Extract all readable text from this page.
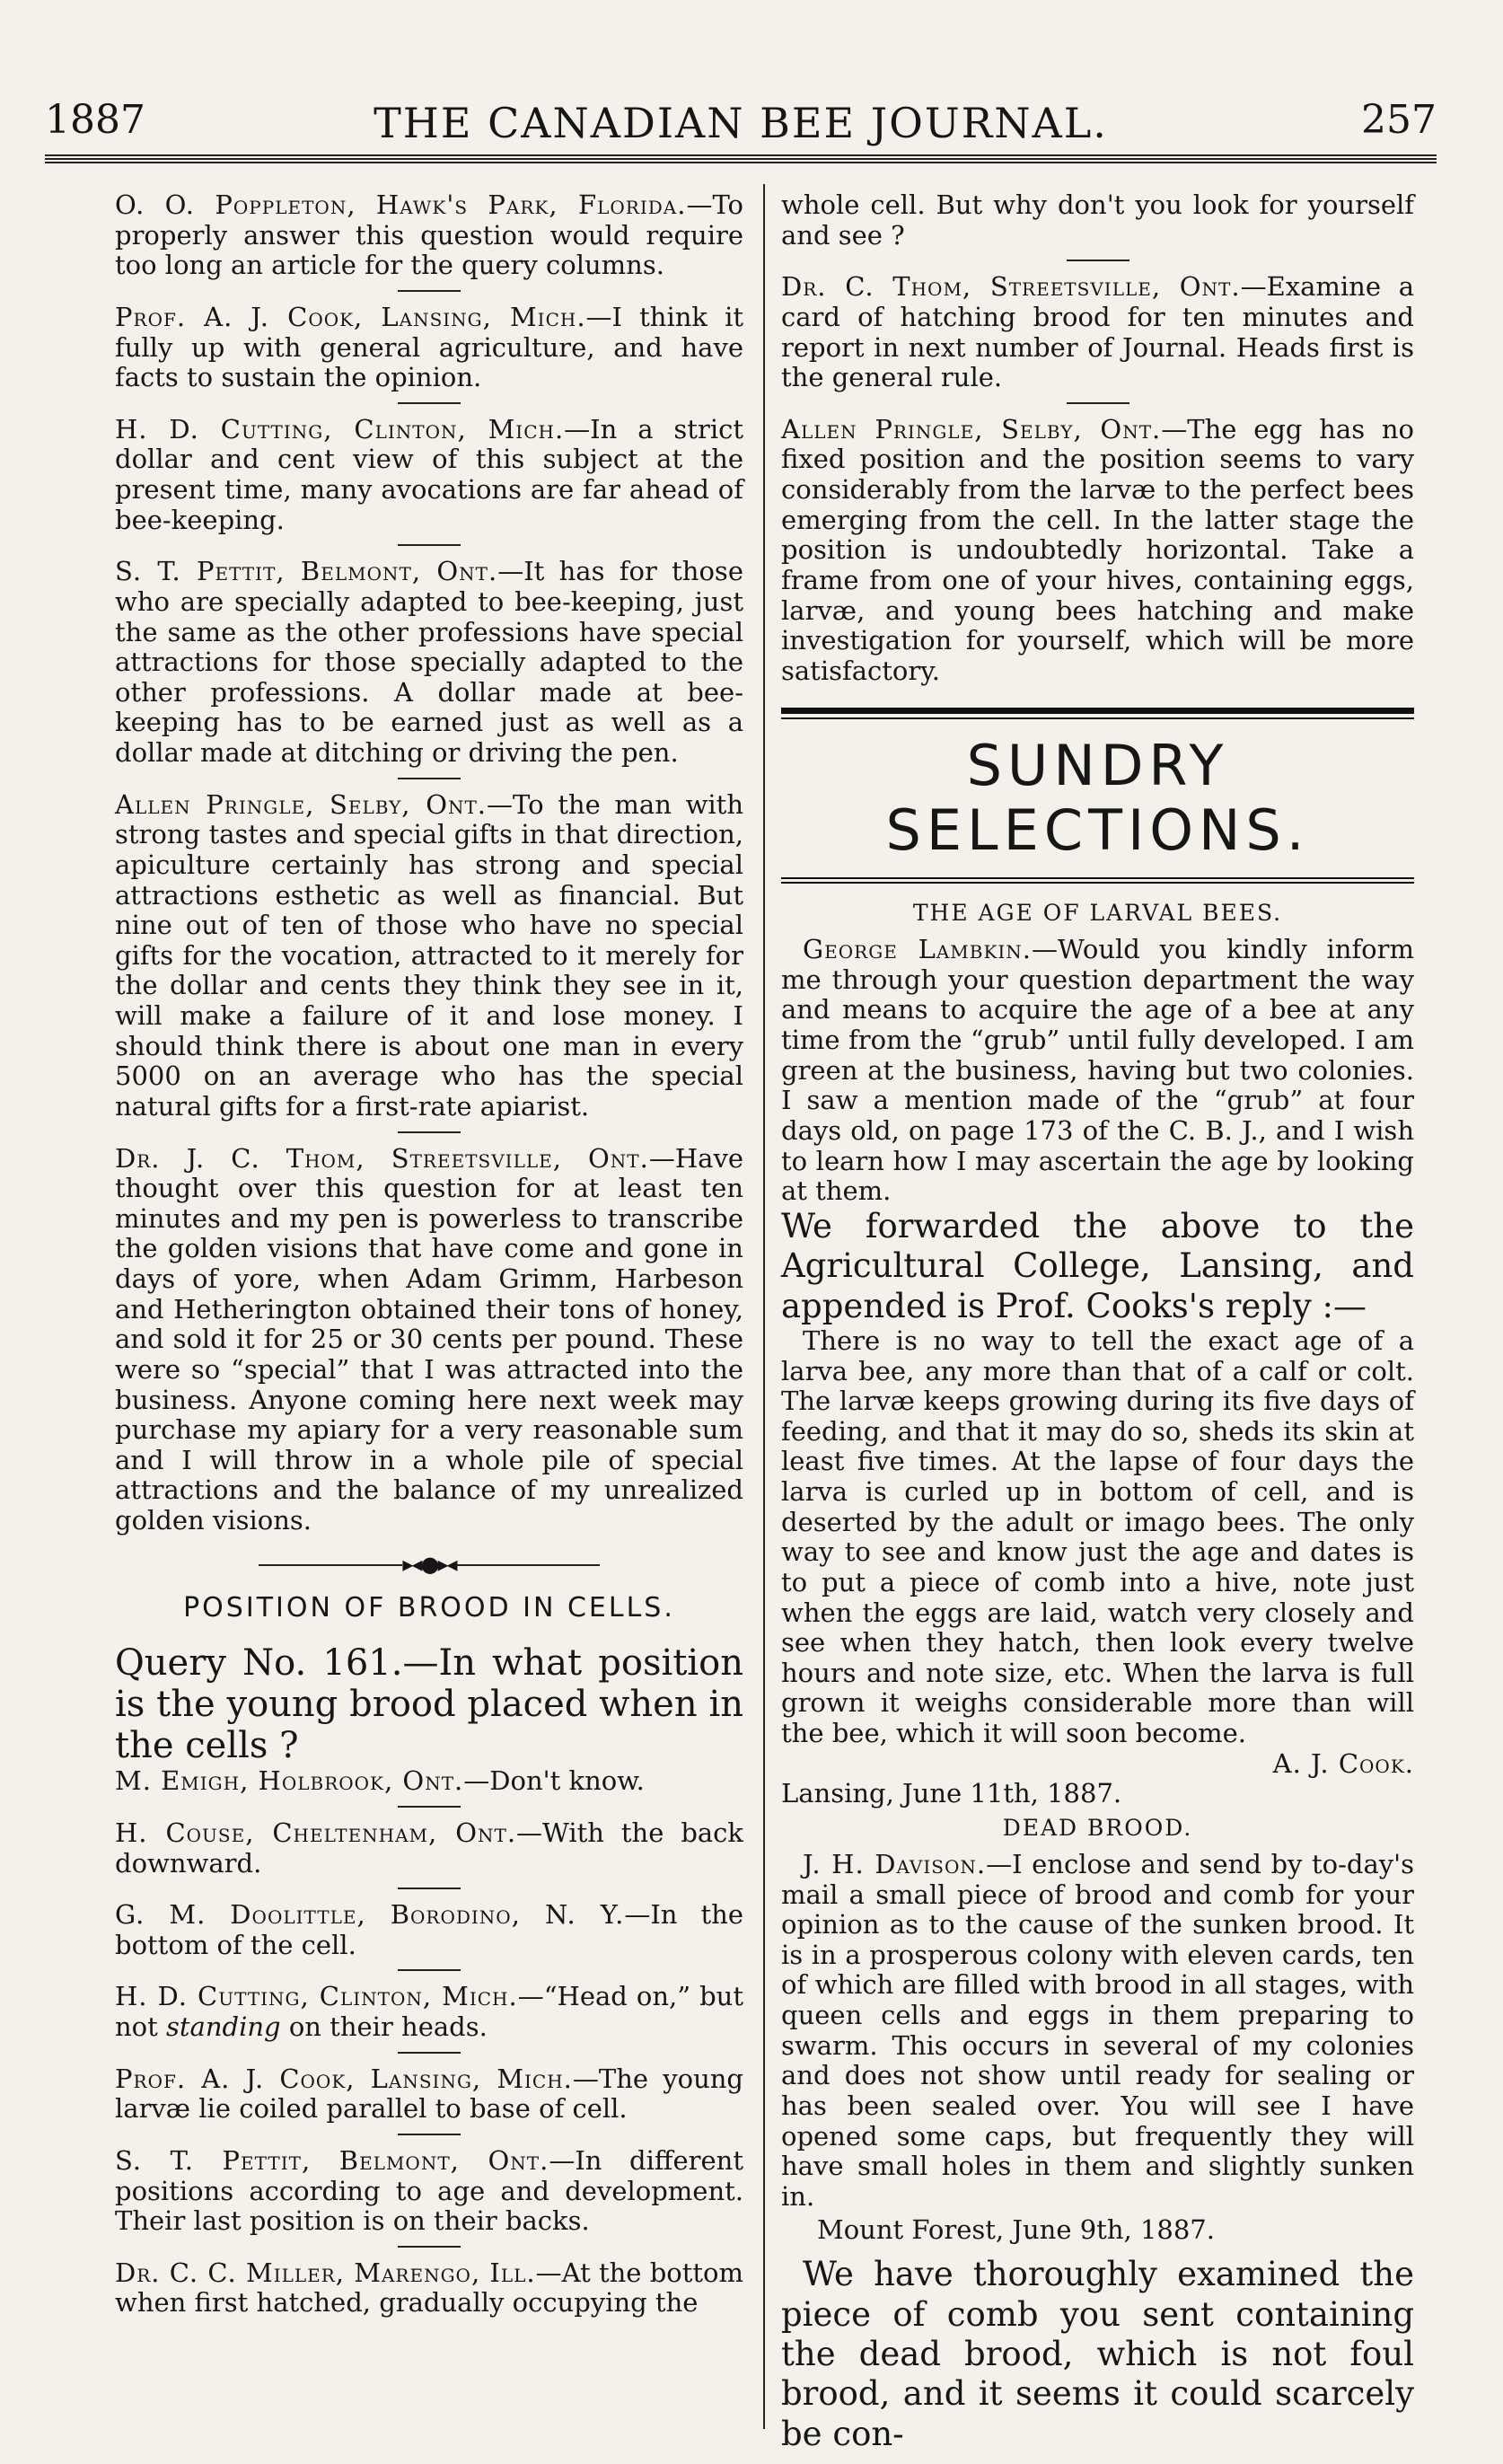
1887	THE CANADIAN BEE JOURNAL.	257

O. O. Poppleton, Hawk's Park, Florida.—To properly answer this question would require too long an article for the query columns.

Prof. A. J. Cook, Lansing, Mich.—I think it fully up with general agriculture, and have facts to sustain the opinion.

H. D. Cutting, Clinton, Mich.—In a strict dollar and cent view of this subject at the present time, many avocations are far ahead of bee-keeping.

S. T. Pettit, Belmont, Ont.—It has for those who are specially adapted to bee-keeping, just the same as the other professions have special attractions for those specially adapted to the other professions. A dollar made at bee-keeping has to be earned just as well as a dollar made at ditching or driving the pen.

Allen Pringle, Selby, Ont.—To the man with strong tastes and special gifts in that direction, apiculture certainly has strong and special attractions esthetic as well as financial. But nine out of ten of those who have no special gifts for the vocation, attracted to it merely for the dollar and cents they think they see in it, will make a failure of it and lose money. I should think there is about one man in every 5000 on an average who has the special natural gifts for a first-rate apiarist.

Dr. J. C. Thom, Streetsville, Ont.—Have thought over this question for at least ten minutes and my pen is powerless to transcribe the golden visions that have come and gone in days of yore, when Adam Grimm, Harbeson and Hetherington obtained their tons of honey, and sold it for 25 or 30 cents per pound. These were so “special” that I was attracted into the business. Anyone coming here next week may purchase my apiary for a very reasonable sum and I will throw in a whole pile of special attractions and the balance of my unrealized golden visions.

▸◂●▸◂
POSITION OF BROOD IN CELLS.

Query No. 161.—In what position is the young brood placed when in the cells ?

M. Emigh, Holbrook, Ont.—Don't know.

H. Couse, Cheltenham, Ont.—With the back downward.

G. M. Doolittle, Borodino, N. Y.—In the bottom of the cell.

H. D. Cutting, Clinton, Mich.—“Head on,” but not standing on their heads.

Prof. A. J. Cook, Lansing, Mich.—The young larvæ lie coiled parallel to base of cell.

S. T. Pettit, Belmont, Ont.—In different positions according to age and development. Their last position is on their backs.

Dr. C. C. Miller, Marengo, Ill.—At the bottom when first hatched, gradually occupying the

whole cell. But why don't you look for yourself and see ?

Dr. C. Thom, Streetsville, Ont.—Examine a card of hatching brood for ten minutes and report in next number of Journal. Heads first is the general rule.

Allen Pringle, Selby, Ont.—The egg has no fixed position and the position seems to vary considerably from the larvæ to the perfect bees emerging from the cell. In the latter stage the position is undoubtedly horizontal. Take a frame from one of your hives, containing eggs, larvæ, and young bees hatching and make investigation for yourself, which will be more satisfactory.

SUNDRY SELECTIONS.
THE AGE OF LARVAL BEES.

George Lambkin.—Would you kindly inform me through your question department the way and means to acquire the age of a bee at any time from the “grub” until fully developed. I am green at the business, having but two colonies. I saw a mention made of the “grub” at four days old, on page 173 of the C. B. J., and I wish to learn how I may ascertain the age by looking at them.

We forwarded the above to the Agricultural College, Lansing, and appended is Prof. Cooks's reply :—

There is no way to tell the exact age of a larva bee, any more than that of a calf or colt. The larvæ keeps growing during its five days of feeding, and that it may do so, sheds its skin at least five times. At the lapse of four days the larva is curled up in bottom of cell, and is deserted by the adult or imago bees. The only way to see and know just the age and dates is to put a piece of comb into a hive, note just when the eggs are laid, watch very closely and see when they hatch, then look every twelve hours and note size, etc. When the larva is full grown it weighs considerable more than will the bee, which it will soon become.

A. J. Cook.

Lansing, June 11th, 1887.

DEAD BROOD.

J. H. Davison.—I enclose and send by to-day's mail a small piece of brood and comb for your opinion as to the cause of the sunken brood. It is in a prosperous colony with eleven cards, ten of which are filled with brood in all stages, with queen cells and eggs in them preparing to swarm. This occurs in several of my colonies and does not show until ready for sealing or has been sealed over. You will see I have opened some caps, but frequently they will have small holes in them and slightly sunken in.

Mount Forest, June 9th, 1887.

We have thoroughly examined the piece of comb you sent containing the dead brood, which is not foul brood, and it seems it could scarcely be con-
